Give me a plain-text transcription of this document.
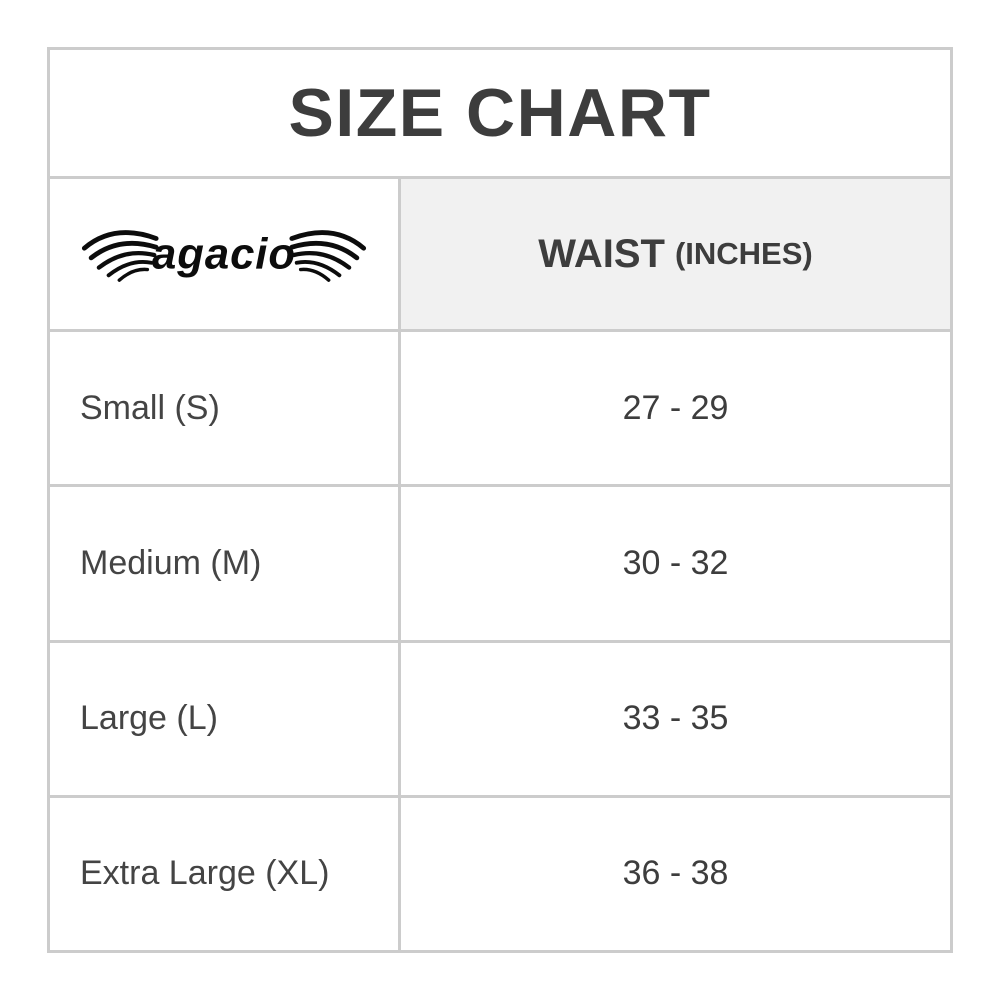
SIZE CHART
agacio	WAIST (INCHES)
Small (S)	27 - 29
Medium (M)	30 - 32
Large (L)	33 - 35
Extra Large (XL)	36 - 38
